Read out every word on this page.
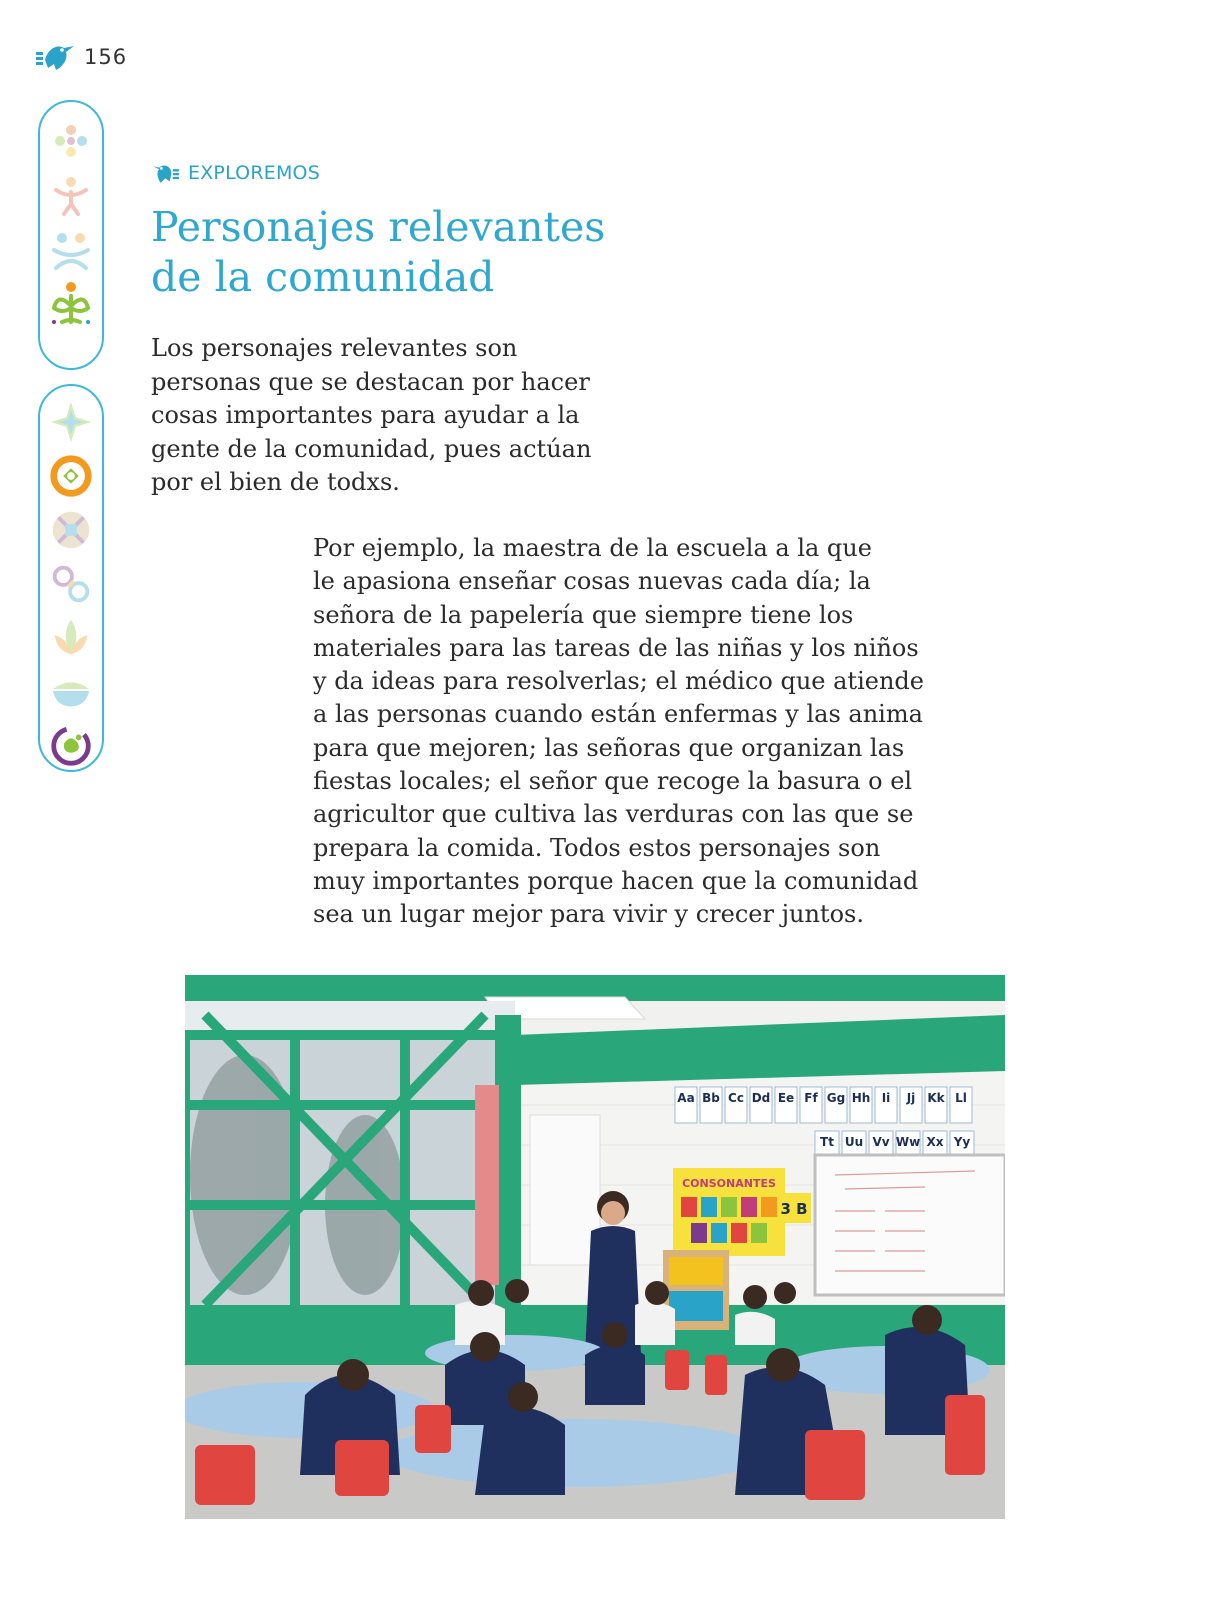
156
EXPLOREMOS
Personajes relevantes
de la comunidad

Los personajes relevantes son
personas que se destacan por hacer
cosas importantes para ayudar a la
gente de la comunidad, pues actúan
por el bien de todxs.

Por ejemplo, la maestra de la escuela a la que
le apasiona enseñar cosas nuevas cada día; la
señora de la papelería que siempre tiene los
materiales para las tareas de las niñas y los niños
y da ideas para resolverlas; el médico que atiende
a las personas cuando están enfermas y las anima
para que mejoren; las señoras que organizan las
fiestas locales; el señor que recoge la basura o el
agricultor que cultiva las verduras con las que se
prepara la comida. Todos estos personajes son
muy importantes porque hacen que la comunidad
sea un lugar mejor para vivir y crecer juntos.

Aa Bb Cc Dd Ee Ff Gg Hh Ii Jj Kk Ll
Tt Uu Vv Ww Xx Yy
CONSONANTES
3 B
